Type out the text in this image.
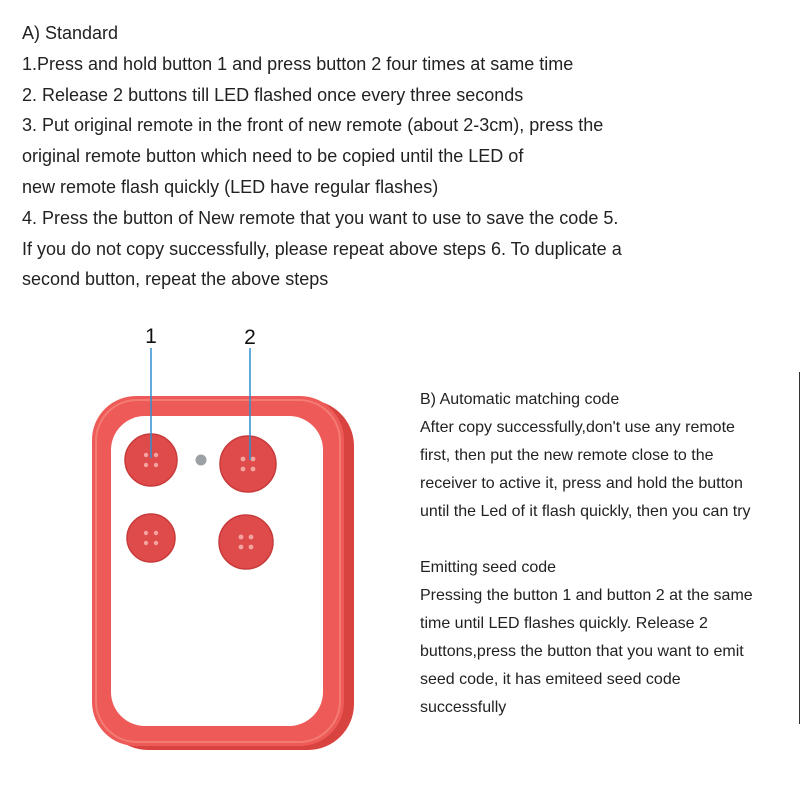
A) Standard

1.Press and hold button 1 and press button 2 four times at same time

2. Release 2 buttons till LED flashed once every three seconds

3. Put original remote in the front of new remote (about 2-3cm), press the

original remote button which need to be copied until the LED of

new remote flash quickly (LED have regular flashes)

4. Press the button of New remote that you want to use to save the code 5.

If you do not copy successfully, please repeat above steps 6. To duplicate a

second button, repeat the above steps

1	2

B) Automatic matching code

After copy successfully,don't use any remote

first, then put the new remote close to the

receiver to active it, press and hold the button

until the Led of it flash quickly, then you can try

Emitting seed code

Pressing the button 1 and button 2 at the same

time until LED flashes quickly. Release 2

buttons,press the button that you want to emit

seed code, it has emiteed seed code

successfully
